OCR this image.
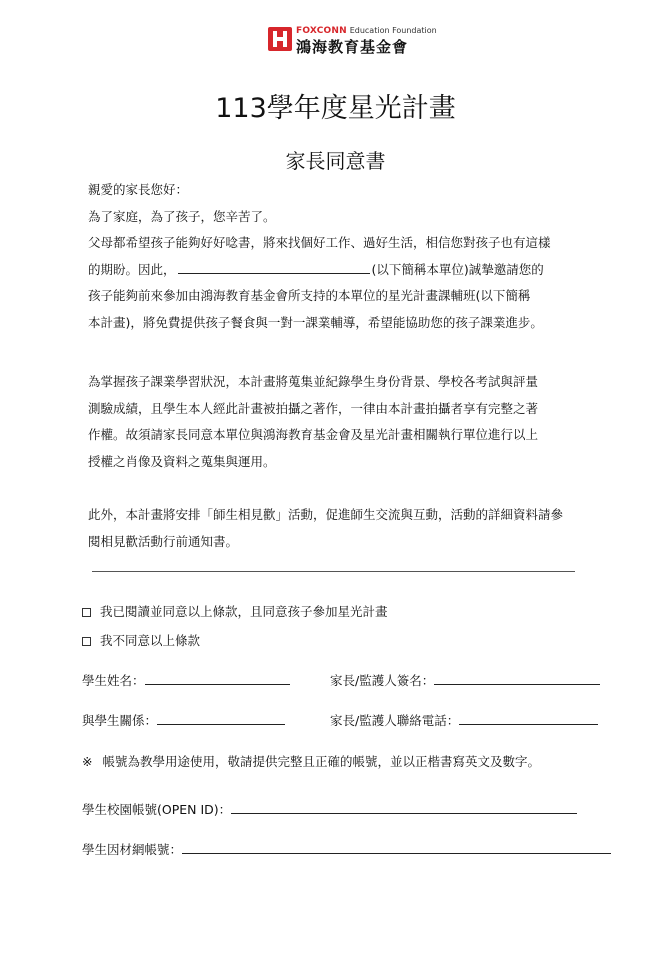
FOXCONN Education Foundation
鴻海教育基金會
113學年度星光計畫
家長同意書
親愛的家長您好：
為了家庭，為了孩子，您辛苦了。
父母都希望孩子能夠好好唸書，將來找個好工作、過好生活，相信您對孩子也有這樣
的期盼。因此，	(以下簡稱本單位)誠摯邀請您的
孩子能夠前來參加由鴻海教育基金會所支持的本單位的星光計畫課輔班(以下簡稱
本計畫)，將免費提供孩子餐食與一對一課業輔導，希望能協助您的孩子課業進步。
為掌握孩子課業學習狀況，本計畫將蒐集並紀錄學生身份背景、學校各考試與評量
測驗成績，且學生本人經此計畫被拍攝之著作，一律由本計畫拍攝者享有完整之著
作權。故須請家長同意本單位與鴻海教育基金會及星光計畫相關執行單位進行以上
授權之肖像及資料之蒐集與運用。
此外，本計畫將安排「師生相見歡」活動，促進師生交流與互動，活動的詳細資料請參
閱相見歡活動行前通知書。
我已閱讀並同意以上條款，且同意孩子參加星光計畫
我不同意以上條款
學生姓名：	家長/監護人簽名：
與學生關係：	家長/監護人聯絡電話：
※ 帳號為教學用途使用，敬請提供完整且正確的帳號，並以正楷書寫英文及數字。
學生校園帳號(OPEN ID)：
學生因材網帳號：
